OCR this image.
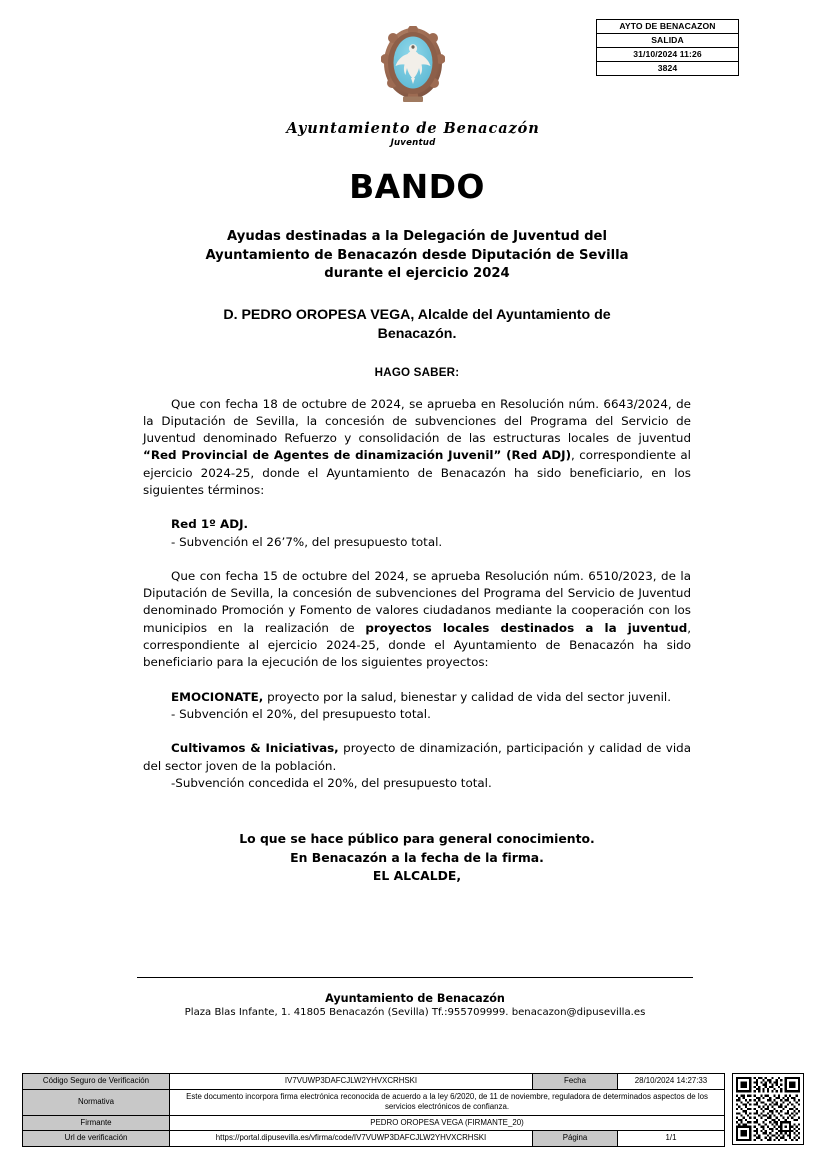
AYTO DE BENACAZON
SALIDA
31/10/2024 11:26
3824
Ayuntamiento de Benacazón
Juventud
BANDO
Ayudas destinadas a la Delegación de Juventud del
Ayuntamiento de Benacazón desde Diputación de Sevilla
durante el ejercicio 2024
D. PEDRO OROPESA VEGA, Alcalde del Ayuntamiento de
Benacazón.
HAGO SABER:

Que con fecha 18 de octubre de 2024, se aprueba en Resolución núm. 6643/2024, de la Diputación de Sevilla, la concesión de subvenciones del Programa del Servicio de Juventud denominado Refuerzo y consolidación de las estructuras locales de juventud “Red Provincial de Agentes de dinamización Juvenil” (Red ADJ), correspondiente al ejercicio 2024-25, donde el Ayuntamiento de Benacazón ha sido beneficiario, en los siguientes términos:

Red 1º ADJ.
- Subvención el 26’7%, del presupuesto total.

Que con fecha 15 de octubre del 2024, se aprueba Resolución núm. 6510/2023, de la Diputación de Sevilla, la concesión de subvenciones del Programa del Servicio de Juventud denominado Promoción y Fomento de valores ciudadanos mediante la cooperación con los municipios en la realización de proyectos locales destinados a la juventud, correspondiente al ejercicio 2024-25, donde el Ayuntamiento de Benacazón ha sido beneficiario para la ejecución de los siguientes proyectos:

EMOCIONATE, proyecto por la salud, bienestar y calidad de vida del sector juvenil.

- Subvención el 20%, del presupuesto total.

Cultivamos & Iniciativas, proyecto de dinamización, participación y calidad de vida del sector joven de la población.

-Subvención concedida el 20%, del presupuesto total.
Lo que se hace público para general conocimiento.
En Benacazón a la fecha de la firma.
EL ALCALDE,
Ayuntamiento de Benacazón
Plaza Blas Infante, 1. 41805 Benacazón (Sevilla) Tf.:955709999. benacazon@dipusevilla.es
Código Seguro de Verificación	IV7VUWP3DAFCJLW2YHVXCRHSKI	Fecha	28/10/2024 14:27:33
Normativa	Este documento incorpora firma electrónica reconocida de acuerdo a la ley 6/2020, de 11 de noviembre, reguladora de determinados aspectos de los servicios electrónicos de confianza.		
Firmante	PEDRO OROPESA VEGA (FIRMANTE_20)		
Url de verificación	https://portal.dipusevilla.es/vfirma/code/IV7VUWP3DAFCJLW2YHVXCRHSKI	Página	1/1
